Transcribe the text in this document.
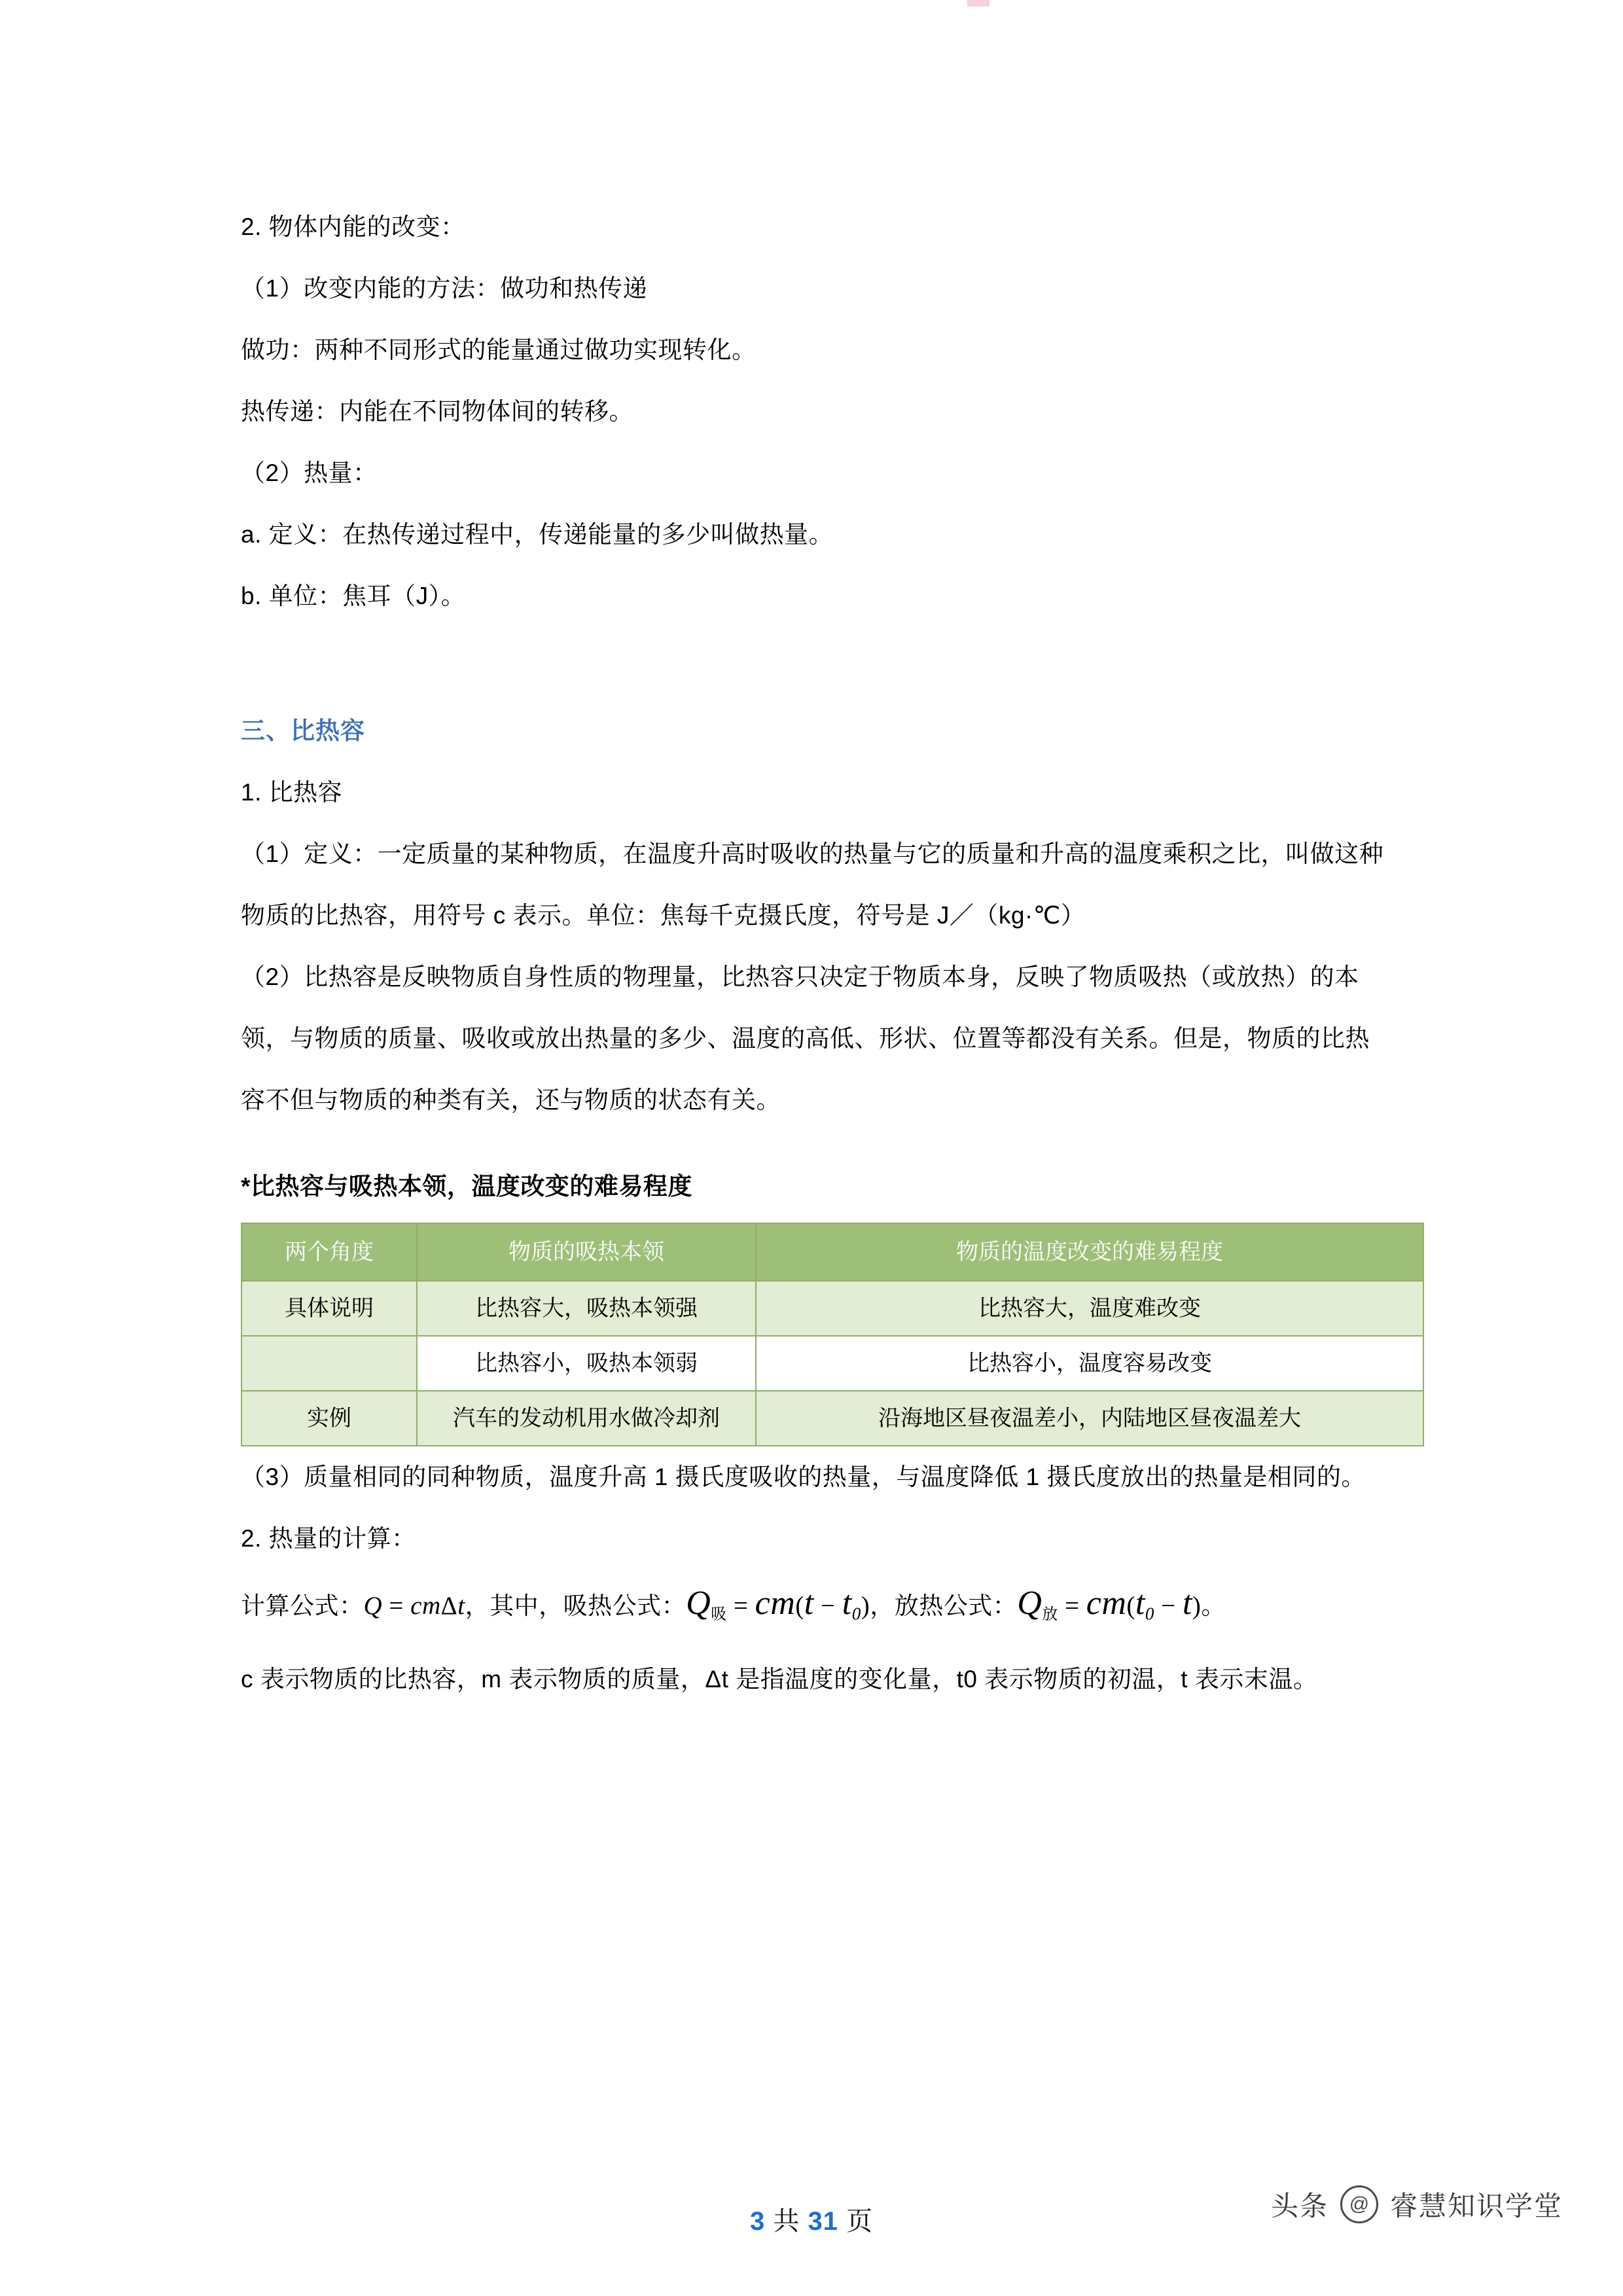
2. 物体内能的改变：

（1）改变内能的方法：做功和热传递

做功：两种不同形式的能量通过做功实现转化。

热传递：内能在不同物体间的转移。

（2）热量：

a. 定义：在热传递过程中，传递能量的多少叫做热量。

b. 单位：焦耳（J）。

三、比热容

1. 比热容

（1）定义：一定质量的某种物质，在温度升高时吸收的热量与它的质量和升高的温度乘积之比，叫做这种物质的比热容，用符号 c 表示。单位：焦每千克摄氏度，符号是 J／（kg·℃）

（2）比热容是反映物质自身性质的物理量，比热容只决定于物质本身，反映了物质吸热（或放热）的本领，与物质的质量、吸收或放出热量的多少、温度的高低、形状、位置等都没有关系。但是，物质的比热容不但与物质的种类有关，还与物质的状态有关。

*比热容与吸热本领，温度改变的难易程度

两个角度	物质的吸热本领	物质的温度改变的难易程度
具体说明	比热容大，吸热本领强	比热容大，温度难改变
	比热容小，吸热本领弱	比热容小，温度容易改变
实例	汽车的发动机用水做冷却剂	沿海地区昼夜温差小，内陆地区昼夜温差大

（3）质量相同的同种物质，温度升高 1 摄氏度吸收的热量，与温度降低 1 摄氏度放出的热量是相同的。

2. 热量的计算：

计算公式：Q = cmΔt，其中，吸热公式：Q吸 = cm(t − t0)，放热公式：Q放 = cm(t0 − t)。

c 表示物质的比热容，m 表示物质的质量，Δt 是指温度的变化量，t0 表示物质的初温，t 表示末温。

3 共 31 页	头条	@ 睿慧知识学堂
